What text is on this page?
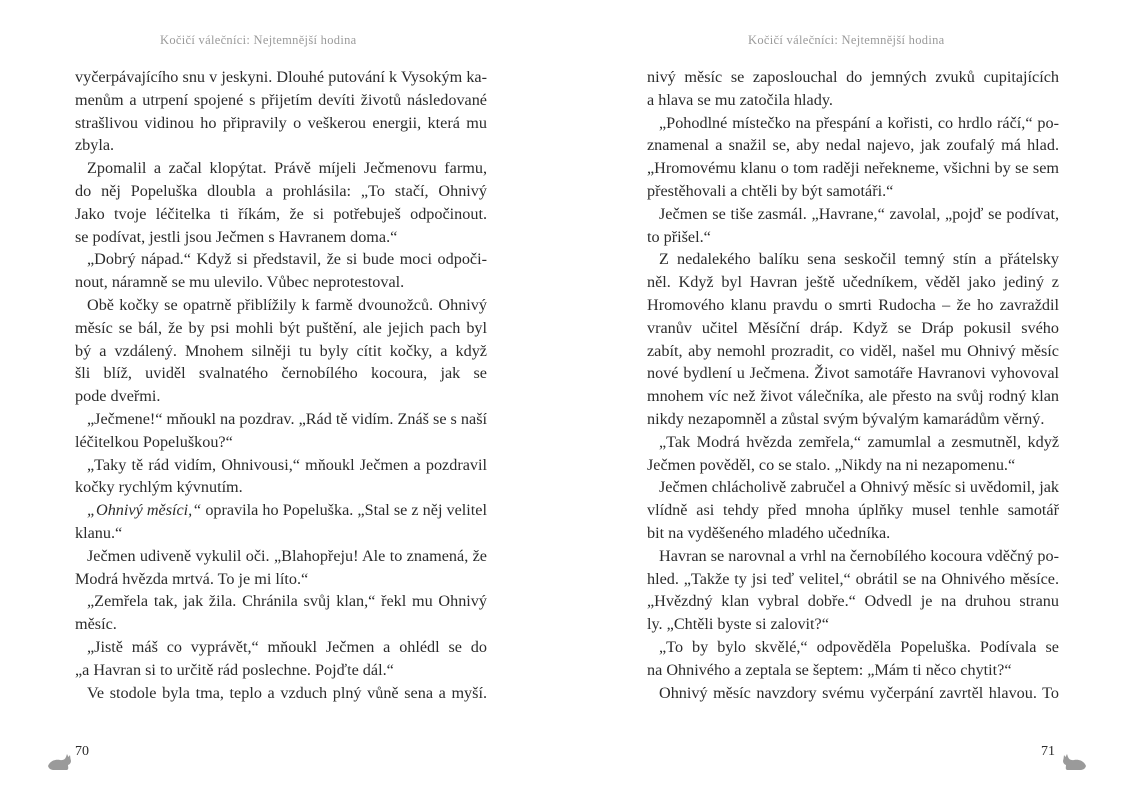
Kočičí válečníci: Nejtemnější hodina
vyčerpávajícího snu v jeskyni. Dlouhé putování k Vysokým ka-
menům a utrpení spojené s přijetím devíti životů následované
strašlivou vidinou ho připravily o veškerou energii, která mu
zbyla.
Zpomalil a začal klopýtat. Právě míjeli Ječmenovu farmu,
do něj Popeluška dloubla a prohlásila: „To stačí, Ohnivý
Jako tvoje léčitelka ti říkám, že si potřebuješ odpočinout.
se podívat, jestli jsou Ječmen s Havranem doma.“
„Dobrý nápad.“ Když si představil, že si bude moci odpoči-
nout, náramně se mu ulevilo. Vůbec neprotestoval.
Obě kočky se opatrně přiblížily k farmě dvounožců. Ohnivý
měsíc se bál, že by psi mohli být puštění, ale jejich pach byl
bý a vzdálený. Mnohem silněji tu byly cítit kočky, a když
šli blíž, uviděl svalnatého černobílého kocoura, jak se
pode dveřmi.
„Ječmene!“ mňoukl na pozdrav. „Rád tě vidím. Znáš se s naší
léčitelkou Popeluškou?“
„Taky tě rád vidím, Ohnivousi,“ mňoukl Ječmen a pozdravil
kočky rychlým kývnutím.
„Ohnivý měsíci,“ opravila ho Popeluška. „Stal se z něj velitel
klanu.“
Ječmen udiveně vykulil oči. „Blahopřeju! Ale to znamená, že
Modrá hvězda mrtvá. To je mi líto.“
„Zemřela tak, jak žila. Chránila svůj klan,“ řekl mu Ohnivý
měsíc.
„Jistě máš co vyprávět,“ mňoukl Ječmen a ohlédl se do
„a Havran si to určitě rád poslechne. Pojďte dál.“
Ve stodole byla tma, teplo a vzduch plný vůně sena a myší.
70
Kočičí válečníci: Nejtemnější hodina
nivý měsíc se zaposlouchal do jemných zvuků cupitajících
a hlava se mu zatočila hlady.
„Pohodlné místečko na přespání a kořisti, co hrdlo ráčí,“ po-
znamenal a snažil se, aby nedal najevo, jak zoufalý má hlad.
„Hromovému klanu o tom raději neřekneme, všichni by se sem
přestěhovali a chtěli by být samotáři.“
Ječmen se tiše zasmál. „Havrane,“ zavolal, „pojď se podívat,
to přišel.“
Z nedalekého balíku sena seskočil temný stín a přátelsky
něl. Když byl Havran ještě učedníkem, věděl jako jediný z
Hromového klanu pravdu o smrti Rudocha – že ho zavraždil
vranův učitel Měsíční dráp. Když se Dráp pokusil svého
zabít, aby nemohl prozradit, co viděl, našel mu Ohnivý měsíc
nové bydlení u Ječmena. Život samotáře Havranovi vyhovoval
mnohem víc než život válečníka, ale přesto na svůj rodný klan
nikdy nezapomněl a zůstal svým bývalým kamarádům věrný.
„Tak Modrá hvězda zemřela,“ zamumlal a zesmutněl, když
Ječmen pověděl, co se stalo. „Nikdy na ni nezapomenu.“
Ječmen chlácholivě zabručel a Ohnivý měsíc si uvědomil, jak
vlídně asi tehdy před mnoha úplňky musel tenhle samotář
bit na vyděšeného mladého učedníka.
Havran se narovnal a vrhl na černobílého kocoura vděčný po-
hled. „Takže ty jsi teď velitel,“ obrátil se na Ohnivého měsíce.
„Hvězdný klan vybral dobře.“ Odvedl je na druhou stranu
ly. „Chtěli byste si zalovit?“
„To by bylo skvělé,“ odpověděla Popeluška. Podívala se
na Ohnivého a zeptala se šeptem: „Mám ti něco chytit?“
Ohnivý měsíc navzdory svému vyčerpání zavrtěl hlavou. To
71
